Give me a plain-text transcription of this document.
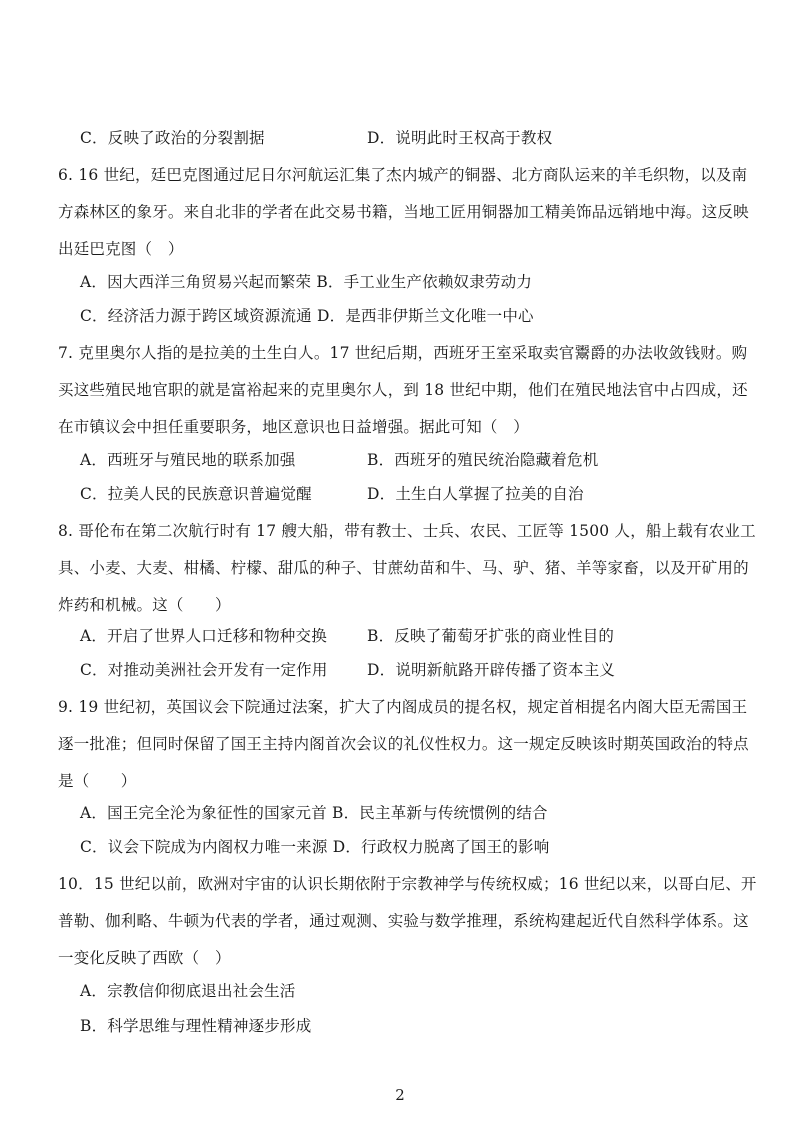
C．反映了政治的分裂割据	D．说明此时王权高于教权
6. 16 世纪，廷巴克图通过尼日尔河航运汇集了杰内城产的铜器、北方商队运来的羊毛织物，以及南
方森林区的象牙。来自北非的学者在此交易书籍，当地工匠用铜器加工精美饰品远销地中海。这反映
出廷巴克图（　）
A．因大西洋三角贸易兴起而繁荣 B．手工业生产依赖奴隶劳动力
C．经济活力源于跨区域资源流通 D．是西非伊斯兰文化唯一中心
7. 克里奥尔人指的是拉美的土生白人。17 世纪后期，西班牙王室采取卖官鬻爵的办法收敛钱财。购
买这些殖民地官职的就是富裕起来的克里奥尔人，到 18 世纪中期，他们在殖民地法官中占四成，还
在市镇议会中担任重要职务，地区意识也日益增强。据此可知（　）
A．西班牙与殖民地的联系加强	B．西班牙的殖民统治隐藏着危机
C．拉美人民的民族意识普遍觉醒	D．土生白人掌握了拉美的自治
8. 哥伦布在第二次航行时有 17 艘大船，带有教士、士兵、农民、工匠等 1500 人，船上载有农业工
具、小麦、大麦、柑橘、柠檬、甜瓜的种子、甘蔗幼苗和牛、马、驴、猪、羊等家畜，以及开矿用的
炸药和机械。这（　　）
A．开启了世界人口迁移和物种交换	B．反映了葡萄牙扩张的商业性目的
C．对推动美洲社会开发有一定作用	D．说明新航路开辟传播了资本主义
9. 19 世纪初，英国议会下院通过法案，扩大了内阁成员的提名权，规定首相提名内阁大臣无需国王
逐一批准；但同时保留了国王主持内阁首次会议的礼仪性权力。这一规定反映该时期英国政治的特点
是（　　）
A．国王完全沦为象征性的国家元首 B．民主革新与传统惯例的结合
C．议会下院成为内阁权力唯一来源 D．行政权力脱离了国王的影响
10．15 世纪以前，欧洲对宇宙的认识长期依附于宗教神学与传统权威；16 世纪以来，以哥白尼、开
普勒、伽利略、牛顿为代表的学者，通过观测、实验与数学推理，系统构建起近代自然科学体系。这
一变化反映了西欧（　）
A．宗教信仰彻底退出社会生活
B．科学思维与理性精神逐步形成
2
